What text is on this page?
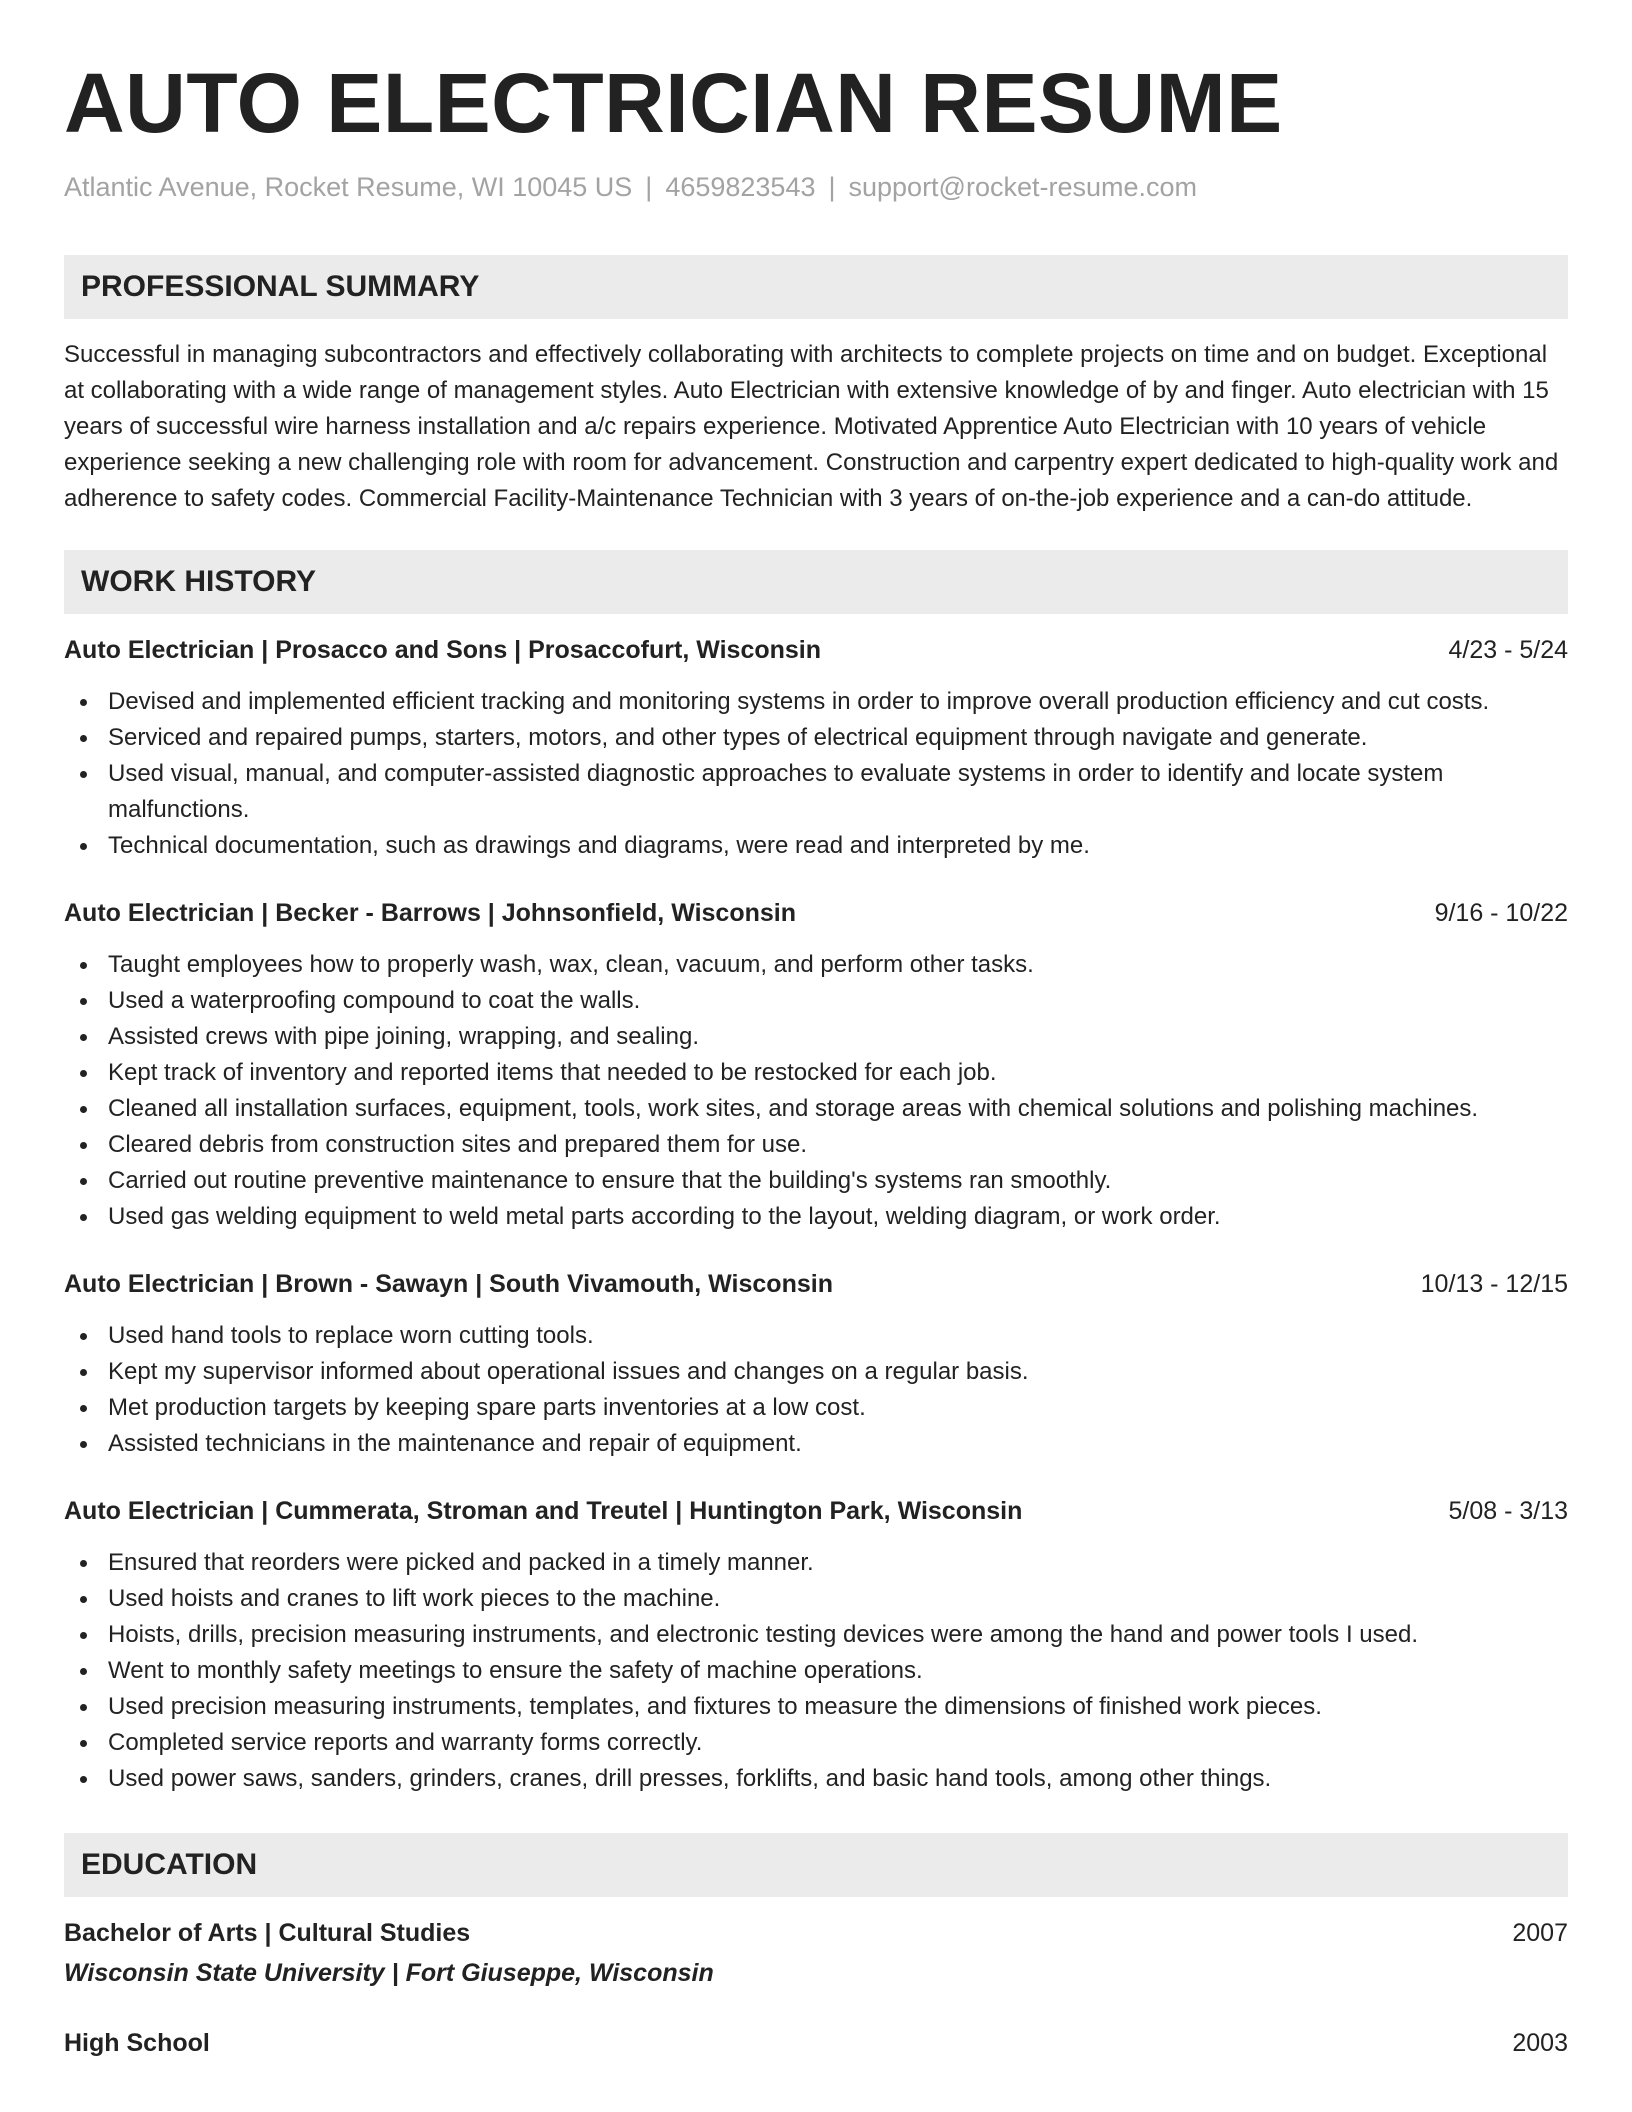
AUTO ELECTRICIAN RESUME
Atlantic Avenue, Rocket Resume, WI 10045 US | 4659823543 | support@rocket-resume.com
PROFESSIONAL SUMMARY
Successful in managing subcontractors and effectively collaborating with architects to complete projects on time and on budget. Exceptional at collaborating with a wide range of management styles. Auto Electrician with extensive knowledge of by and finger. Auto electrician with 15 years of successful wire harness installation and a/c repairs experience. Motivated Apprentice Auto Electrician with 10 years of vehicle experience seeking a new challenging role with room for advancement. Construction and carpentry expert dedicated to high-quality work and adherence to safety codes. Commercial Facility-Maintenance Technician with 3 years of on-the-job experience and a can-do attitude.
WORK HISTORY
Auto Electrician | Prosacco and Sons | Prosaccofurt, Wisconsin	4/23 - 5/24
Devised and implemented efficient tracking and monitoring systems in order to improve overall production efficiency and cut costs.
Serviced and repaired pumps, starters, motors, and other types of electrical equipment through navigate and generate.
Used visual, manual, and computer-assisted diagnostic approaches to evaluate systems in order to identify and locate system malfunctions.
Technical documentation, such as drawings and diagrams, were read and interpreted by me.
Auto Electrician | Becker - Barrows | Johnsonfield, Wisconsin	9/16 - 10/22
Taught employees how to properly wash, wax, clean, vacuum, and perform other tasks.
Used a waterproofing compound to coat the walls.
Assisted crews with pipe joining, wrapping, and sealing.
Kept track of inventory and reported items that needed to be restocked for each job.
Cleaned all installation surfaces, equipment, tools, work sites, and storage areas with chemical solutions and polishing machines.
Cleared debris from construction sites and prepared them for use.
Carried out routine preventive maintenance to ensure that the building's systems ran smoothly.
Used gas welding equipment to weld metal parts according to the layout, welding diagram, or work order.
Auto Electrician | Brown - Sawayn | South Vivamouth, Wisconsin	10/13 - 12/15
Used hand tools to replace worn cutting tools.
Kept my supervisor informed about operational issues and changes on a regular basis.
Met production targets by keeping spare parts inventories at a low cost.
Assisted technicians in the maintenance and repair of equipment.
Auto Electrician | Cummerata, Stroman and Treutel | Huntington Park, Wisconsin	5/08 - 3/13
Ensured that reorders were picked and packed in a timely manner.
Used hoists and cranes to lift work pieces to the machine.
Hoists, drills, precision measuring instruments, and electronic testing devices were among the hand and power tools I used.
Went to monthly safety meetings to ensure the safety of machine operations.
Used precision measuring instruments, templates, and fixtures to measure the dimensions of finished work pieces.
Completed service reports and warranty forms correctly.
Used power saws, sanders, grinders, cranes, drill presses, forklifts, and basic hand tools, among other things.
EDUCATION
Bachelor of Arts | Cultural Studies	2007
Wisconsin State University | Fort Giuseppe, Wisconsin
High School	2003
